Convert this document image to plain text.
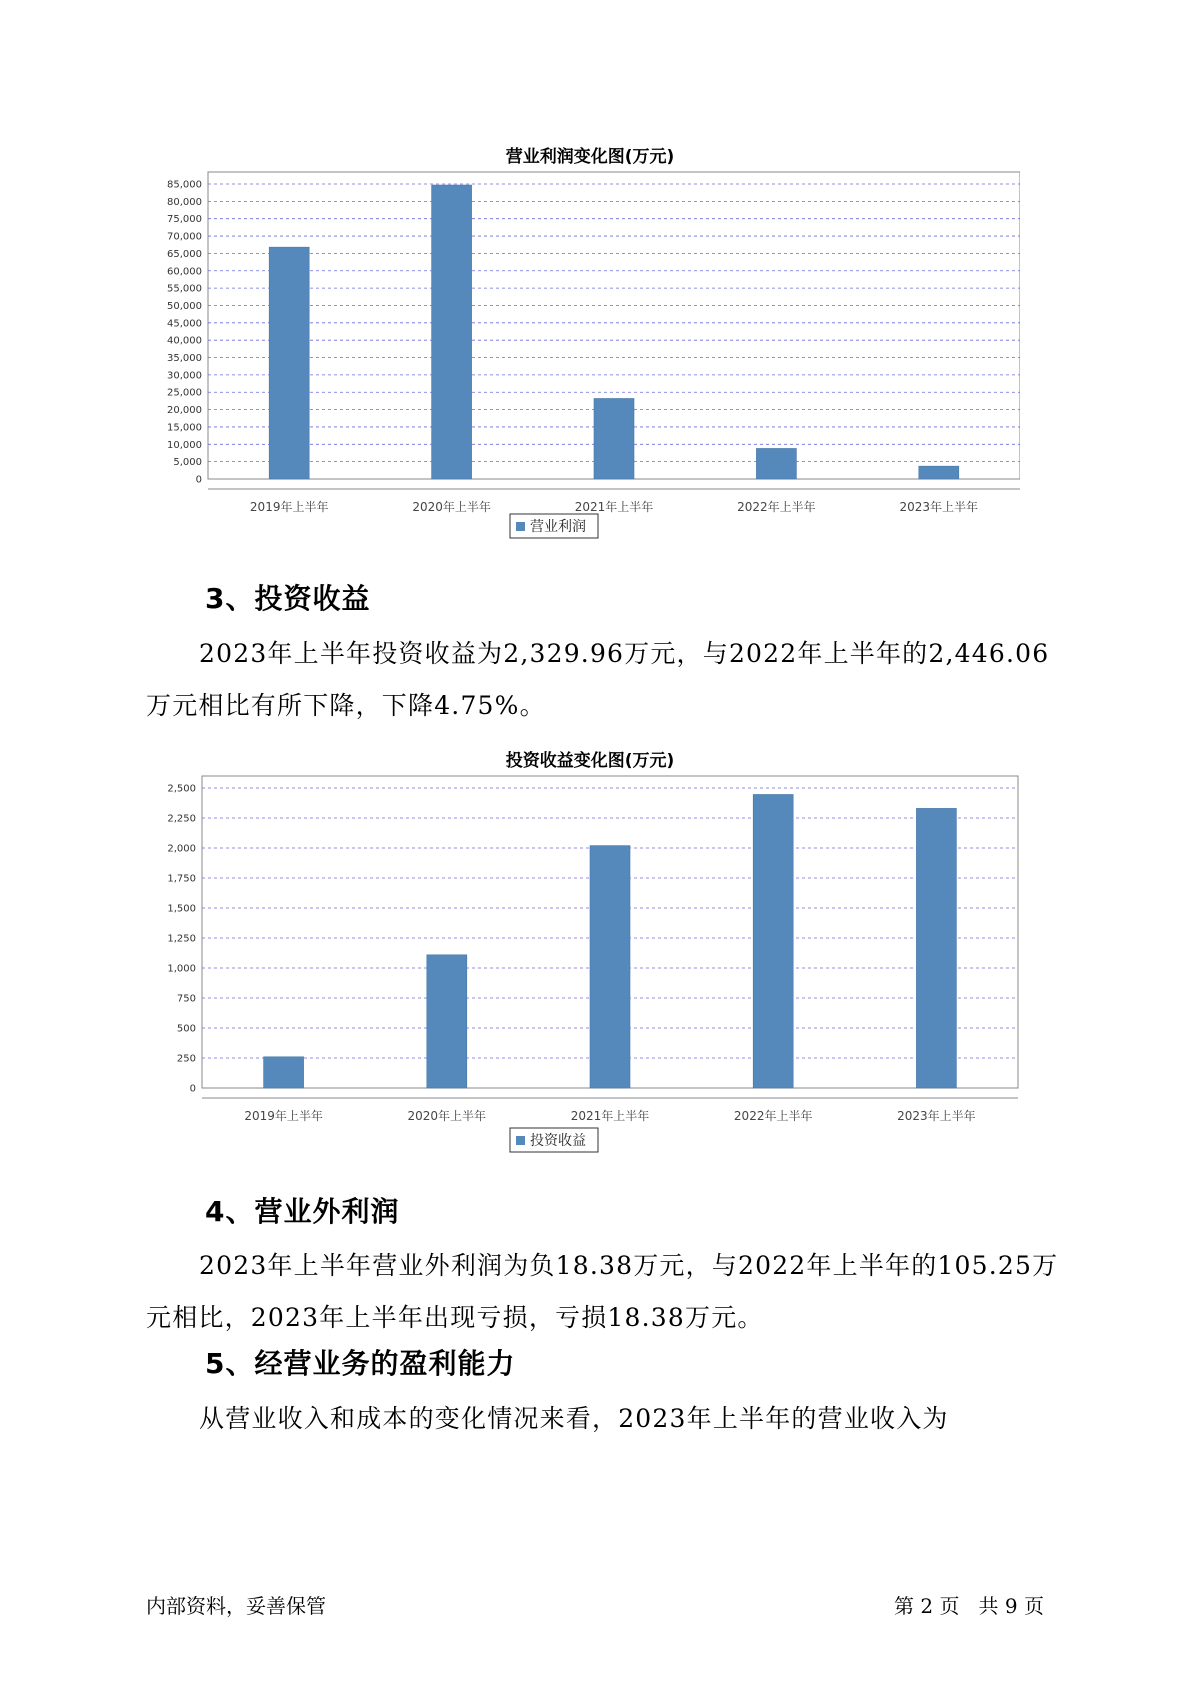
营业利润变化图(万元)
0
5,000
10,000
15,000
20,000
25,000
30,000
35,000
40,000
45,000
50,000
55,000
60,000
65,000
70,000
75,000
80,000
85,000
2019年上半年	2020年上半年	2021年上半年	2022年上半年	2023年上半年
营业利润
3、投资收益

2023年上半年投资收益为2,329.96万元，与2022年上半年的2,446.06万元相比有所下降，下降4.75%。

投资收益变化图(万元)
0
250
500
750
1,000
1,250
1,500
1,750
2,000
2,250
2,500
2019年上半年	2020年上半年	2021年上半年	2022年上半年	2023年上半年
投资收益
4、营业外利润

2023年上半年营业外利润为负18.38万元，与2022年上半年的105.25万元相比，2023年上半年出现亏损，亏损18.38万元。

5、经营业务的盈利能力

从营业收入和成本的变化情况来看，2023年上半年的营业收入为

内部资料，妥善保管	第 2 页   共 9 页
